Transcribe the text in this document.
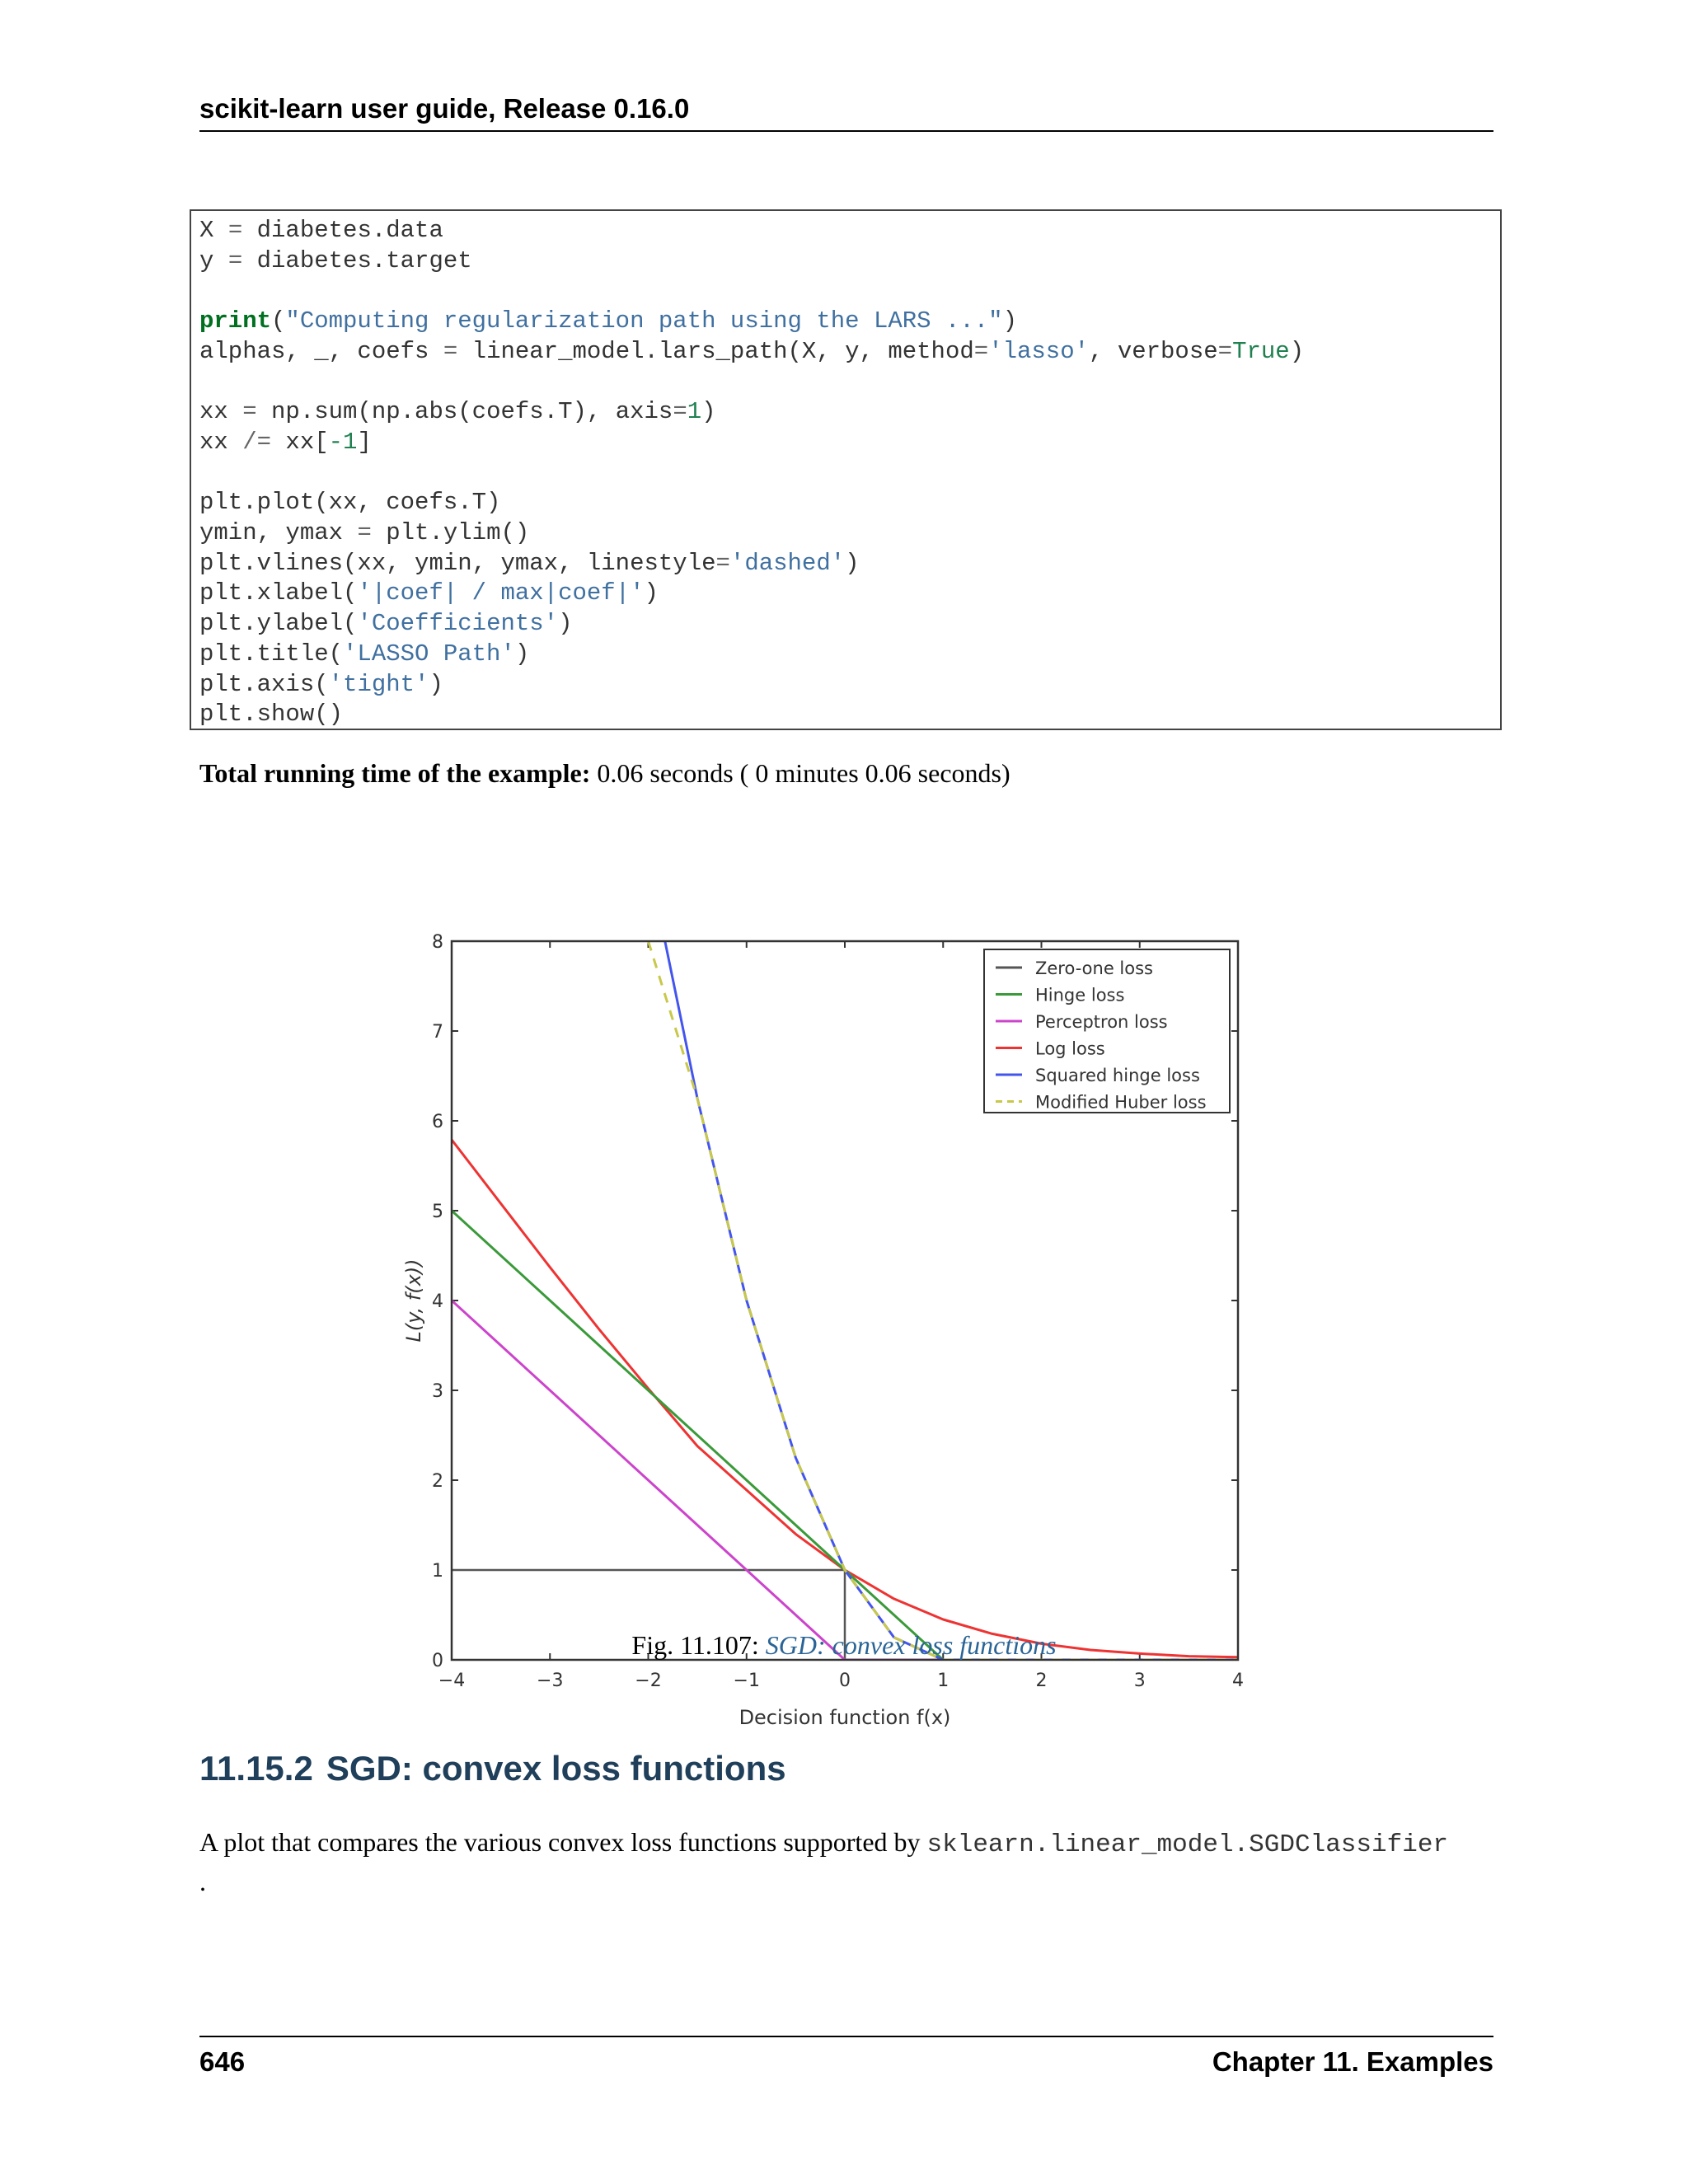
scikit-learn user guide, Release 0.16.0
X = diabetes.data
y = diabetes.target

print("Computing regularization path using the LARS ...")
alphas, _, coefs = linear_model.lars_path(X, y, method='lasso', verbose=True)

xx = np.sum(np.abs(coefs.T), axis=1)
xx /= xx[-1]

plt.plot(xx, coefs.T)
ymin, ymax = plt.ylim()
plt.vlines(xx, ymin, ymax, linestyle='dashed')
plt.xlabel('|coef| / max|coef|')
plt.ylabel('Coefficients')
plt.title('LASSO Path')
plt.axis('tight')
plt.show()

Total running time of the example: 0.06 seconds ( 0 minutes 0.06 seconds)
−4	−3	−2	−1	0	1	2	3	4
0
1
2
3
4
5
6
7
8
Decision function f(x)
L(y, f(x))
Zero-one loss
Hinge loss
Perceptron loss
Log loss
Squared hinge loss
Modified Huber loss
Fig. 11.107: SGD: convex loss functions
11.15.2 SGD: convex loss functions
A plot that compares the various convex loss functions supported by sklearn.linear_model.SGDClassifier
.
646	Chapter 11. Examples
